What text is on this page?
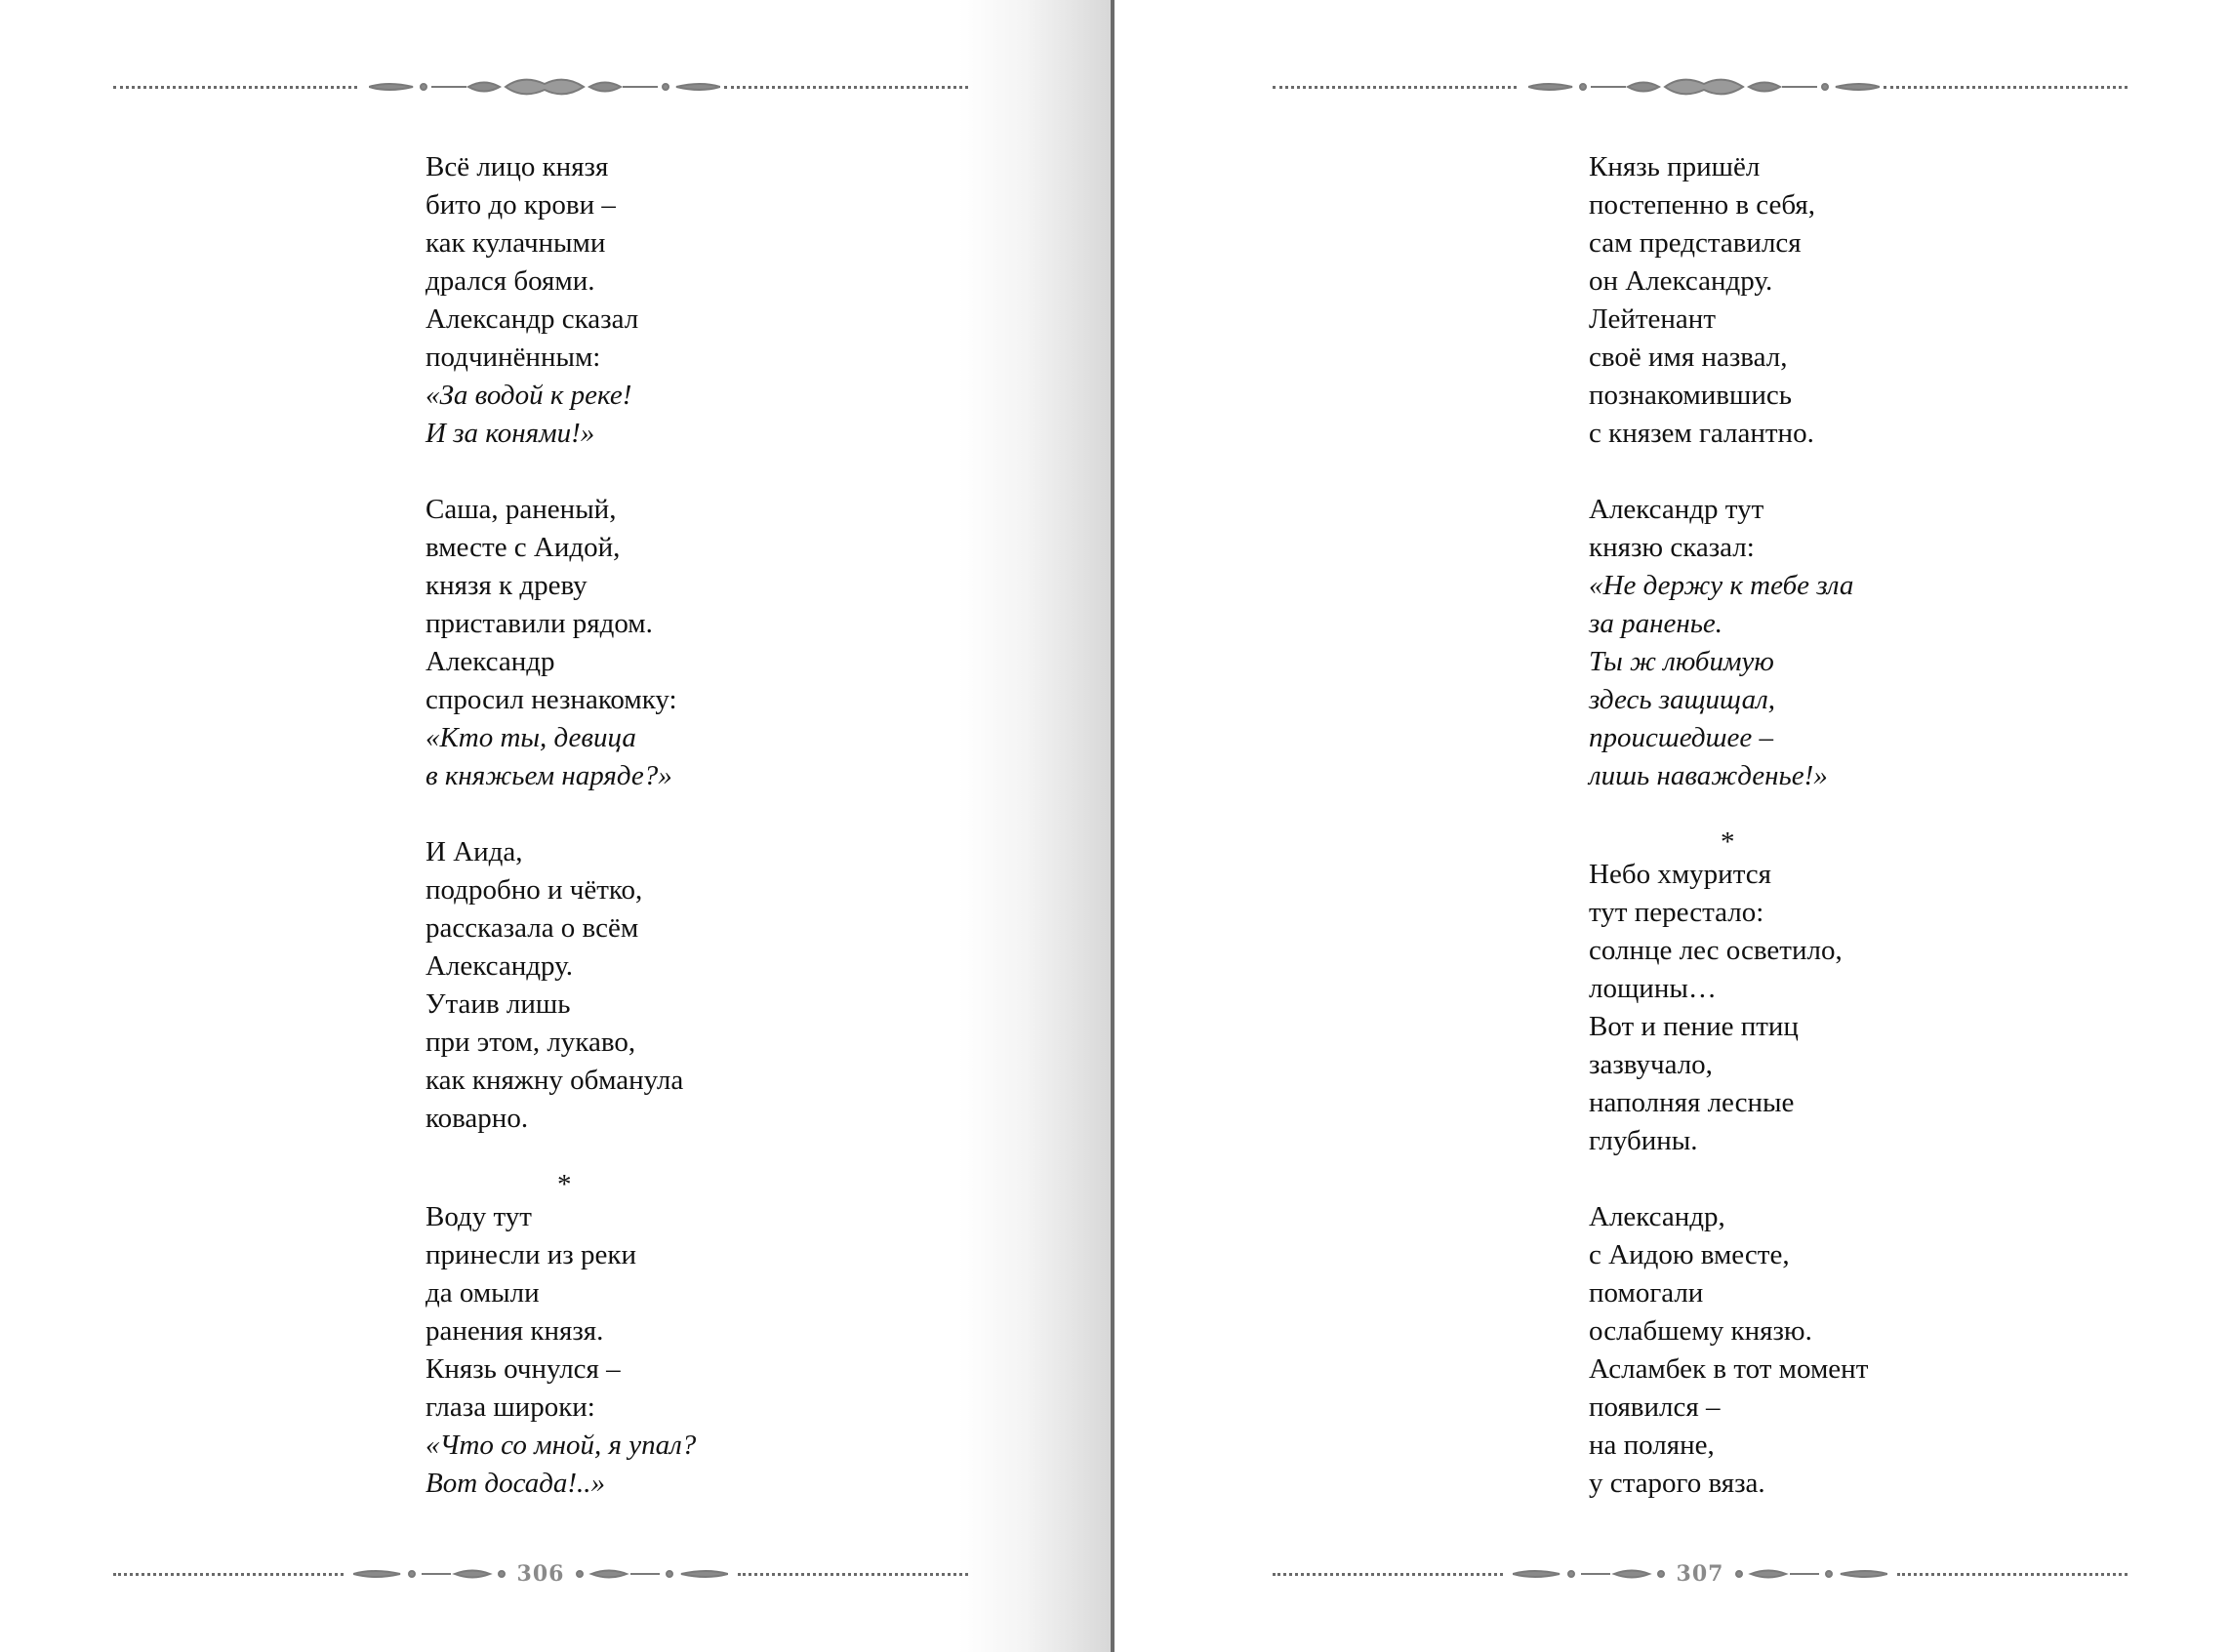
Всё лицо князя
бито до крови –
как кулачными
дрался боями.
Александр сказал
подчинённым:
«За водой к реке!
И за конями!»
Саша, раненый,
вместе с Аидой,
князя к древу
приставили рядом.
Александр
спросил незнакомку:
«Кто ты, девица
в княжьем наряде?»
И Аида,
подробно и чётко,
рассказала о всём
Александру.
Утаив лишь
при этом, лукаво,
как княжну обманула
коварно.
*
Воду тут
принесли из реки
да омыли
ранения князя.
Князь очнулся –
глаза широки:
«Что со мной, я упал?
Вот досада!..»
306
Князь пришёл
постепенно в себя,
сам представился
он Александру.
Лейтенант
своё имя назвал,
познакомившись
с князем галантно.
Александр тут
князю сказал:
«Не держу к тебе зла
за раненье.
Ты ж любимую
здесь защищал,
происшедшее –
лишь наважденье!»
*
Небо хмурится
тут перестало:
солнце лес осветило,
лощины…
Вот и пение птиц
зазвучало,
наполняя лесные
глубины.
Александр,
с Аидою вместе,
помогали
ослабшему князю.
Асламбек в тот момент
появился –
на поляне,
у старого вяза.
307
